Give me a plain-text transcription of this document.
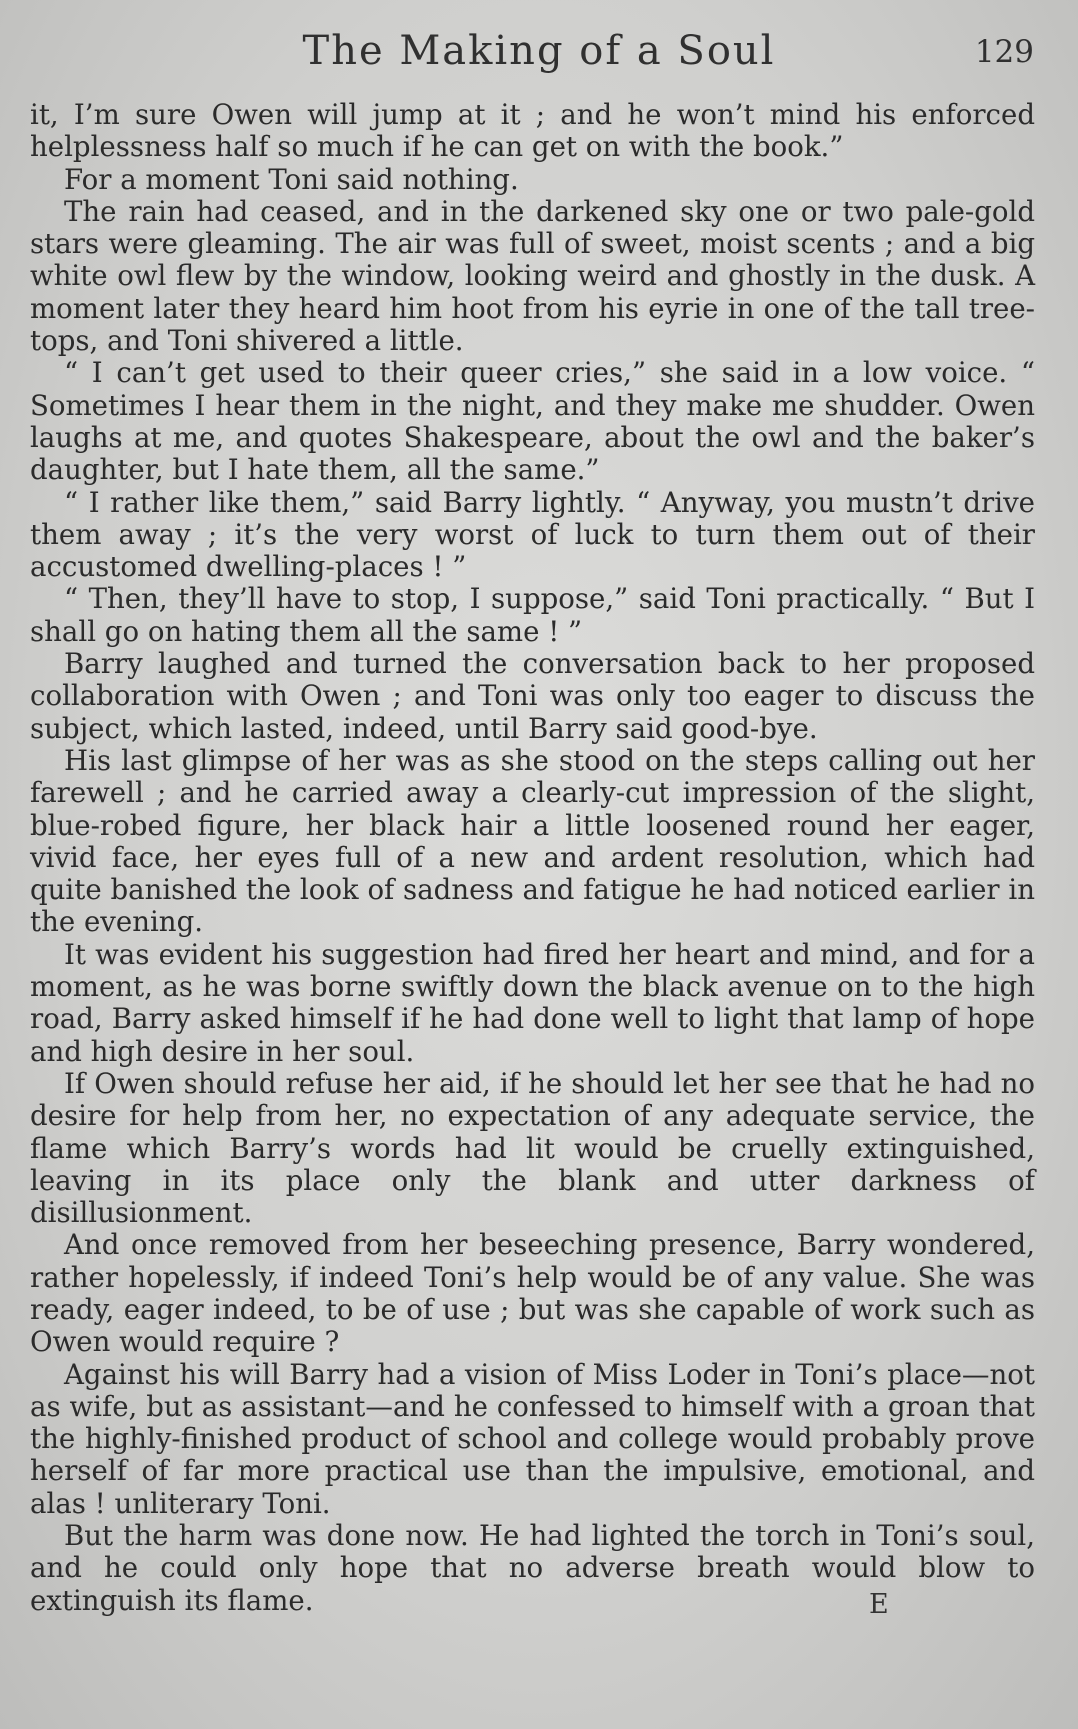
The Making of a Soul	129

it, I’m sure Owen will jump at it ; and he won’t mind his enforced helplessness half so much if he can get on with the book.”

For a moment Toni said nothing.

The rain had ceased, and in the darkened sky one or two pale-gold stars were gleaming. The air was full of sweet, moist scents ; and a big white owl flew by the window, looking weird and ghostly in the dusk. A moment later they heard him hoot from his eyrie in one of the tall tree-tops, and Toni shivered a little.

“ I can’t get used to their queer cries,” she said in a low voice. “ Sometimes I hear them in the night, and they make me shudder. Owen laughs at me, and quotes Shakespeare, about the owl and the baker’s daughter, but I hate them, all the same.”

“ I rather like them,” said Barry lightly. “ Anyway, you mustn’t drive them away ; it’s the very worst of luck to turn them out of their accustomed dwelling-places ! ”

“ Then, they’ll have to stop, I suppose,” said Toni practically. “ But I shall go on hating them all the same ! ”

Barry laughed and turned the conversation back to her proposed collaboration with Owen ; and Toni was only too eager to discuss the subject, which lasted, indeed, until Barry said good-bye.

His last glimpse of her was as she stood on the steps calling out her farewell ; and he carried away a clearly-cut impression of the slight, blue-robed figure, her black hair a little loosened round her eager, vivid face, her eyes full of a new and ardent resolution, which had quite banished the look of sadness and fatigue he had noticed earlier in the evening.

It was evident his suggestion had fired her heart and mind, and for a moment, as he was borne swiftly down the black avenue on to the high road, Barry asked himself if he had done well to light that lamp of hope and high desire in her soul.

If Owen should refuse her aid, if he should let her see that he had no desire for help from her, no expectation of any adequate service, the flame which Barry’s words had lit would be cruelly extinguished, leaving in its place only the blank and utter darkness of disillusionment.

And once removed from her beseeching presence, Barry wondered, rather hopelessly, if indeed Toni’s help would be of any value. She was ready, eager indeed, to be of use ; but was she capable of work such as Owen would require ?

Against his will Barry had a vision of Miss Loder in Toni’s place—not as wife, but as assistant—and he confessed to himself with a groan that the highly-finished product of school and college would probably prove herself of far more practical use than the impulsive, emotional, and alas ! unliterary Toni.

But the harm was done now. He had lighted the torch in Toni’s soul, and he could only hope that no adverse breath would blow to extinguish its flame.	E
